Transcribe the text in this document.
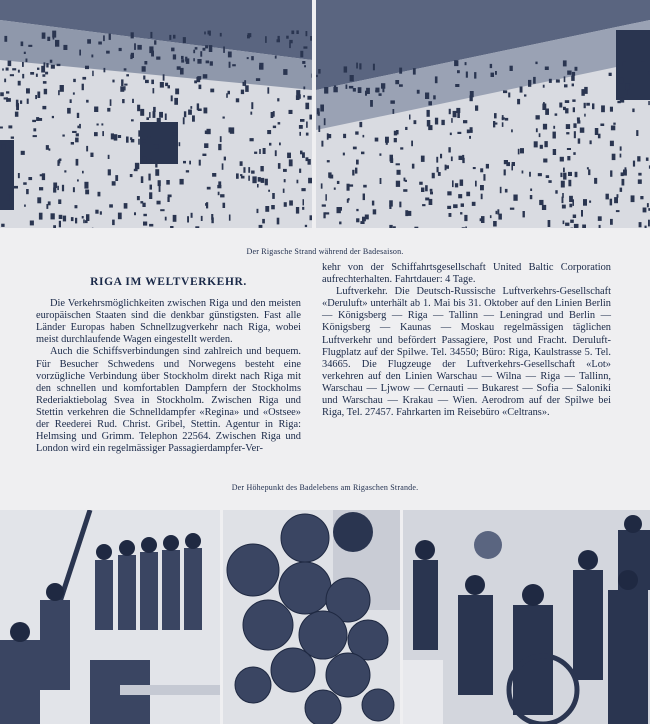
Der Rigasche Strand während der Badesaison.
RIGA IM WELTVERKEHR.

Die Verkehrsmöglichkeiten zwischen Riga und den meisten europäischen Staaten sind die denkbar günstigsten. Fast alle Länder Europas haben Schnellzugverkehr nach Riga, wobei meist durchlaufende Wagen eingestellt werden.

Auch die Schiffsverbindungen sind zahlreich und bequem. Für Besucher Schwedens und Norwegens besteht eine vorzügliche Verbindung über Stockholm direkt nach Riga mit den schnellen und komfortablen Dampfern der Stockholms Rederiaktiebolag Svea in Stockholm. Zwischen Riga und Stettin verkehren die Schnelldampfer «Regina» und «Ostsee» der Reederei Rud. Christ. Gribel, Stettin. Agentur in Riga: Helmsing und Grimm. Telephon 22564. Zwischen Riga und London wird ein regelmässiger Passagierdampfer-Ver-

kehr von der Schiffahrtsgesellschaft United Baltic Corporation aufrechterhalten. Fahrtdauer: 4 Tage.

Luftverkehr. Die Deutsch-Russische Luftverkehrs-Gesellschaft «Deruluft» unterhält ab 1. Mai bis 31. Oktober auf den Linien Berlin — Königsberg — Riga — Tallinn — Leningrad und Berlin — Königsberg — Kaunas — Moskau regelmässigen täglichen Luftverkehr und befördert Passagiere, Post und Fracht. Deruluft-Flugplatz auf der Spilwe. Tel. 34550; Büro: Riga, Kaulstrasse 5. Tel. 34665. Die Flugzeuge der Luftverkehrs-Gesellschaft «Lot» verkehren auf den Linien Warschau — Wilna — Riga — Tallinn, Warschau — Ljwow — Cernauti — Bukarest — Sofia — Saloniki und Warschau — Krakau — Wien. Aerodrom auf der Spilwe bei Riga, Tel. 27457. Fahrkarten im Reisebüro «Celtrans».

Der Höhepunkt des Badelebens am Rigaschen Strande.
